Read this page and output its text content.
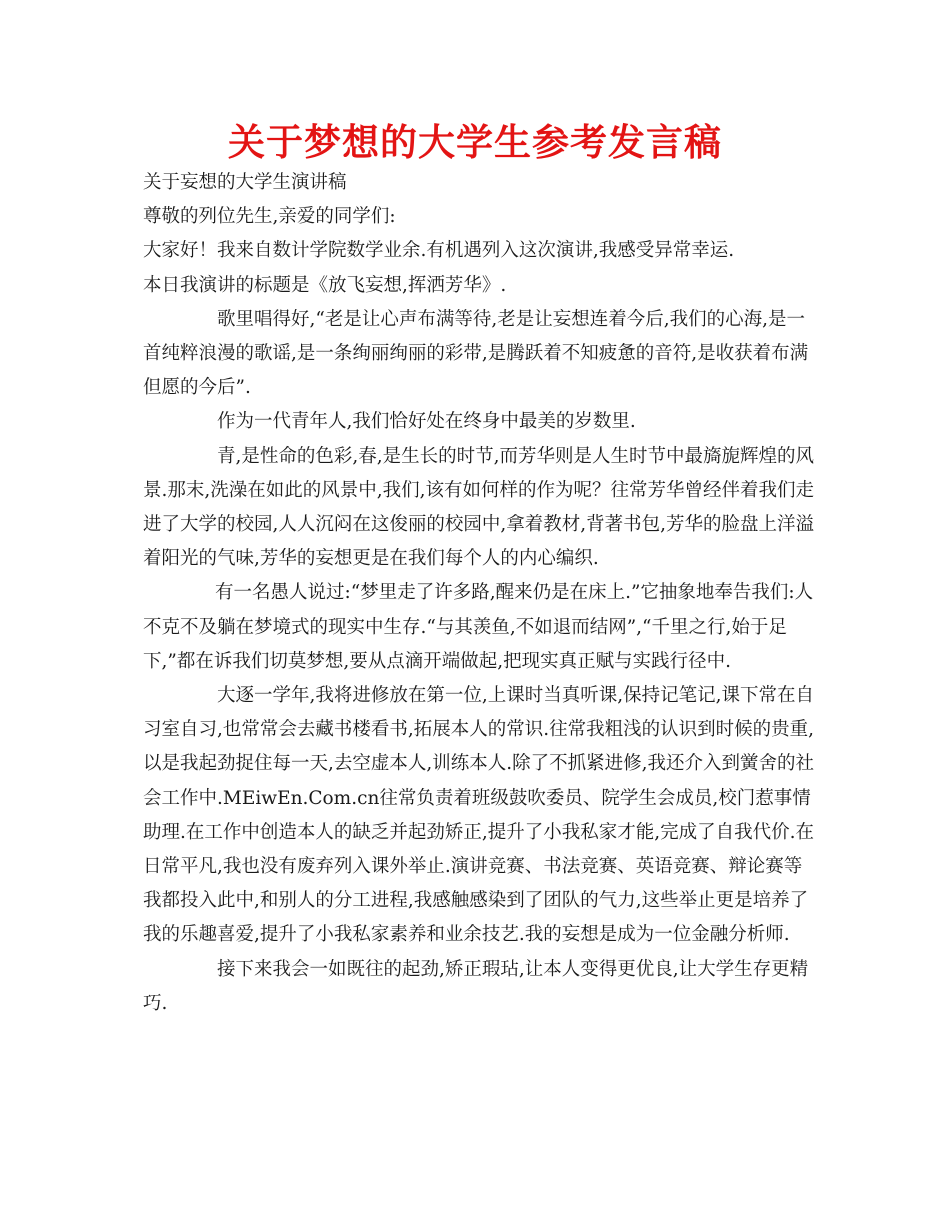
关于梦想的大学生参考发言稿

关于妄想的大学生演讲稿

尊敬的列位先生,亲爱的同学们:

大家好！我来自数计学院数学业余.有机遇列入这次演讲,我感受异常幸运.

本日我演讲的标题是《放飞妄想,挥洒芳华》.

歌里唱得好,“老是让心声布满等待,老是让妄想连着今后,我们的心海,是一首纯粹浪漫的歌谣,是一条绚丽绚丽的彩带,是腾跃着不知疲惫的音符,是收获着布满但愿的今后”.

作为一代青年人,我们恰好处在终身中最美的岁数里.

青,是性命的色彩,春,是生长的时节,而芳华则是人生时节中最旖旎辉煌的风景.那末,洗澡在如此的风景中,我们,该有如何样的作为呢？往常芳华曾经伴着我们走进了大学的校园,人人沉闷在这俊丽的校园中,拿着教材,背著书包,芳华的脸盘上洋溢着阳光的气味,芳华的妄想更是在我们每个人的内心编织.

有一名愚人说过:“梦里走了许多路,醒来仍是在床上.”它抽象地奉告我们:人不克不及躺在梦境式的现实中生存.“与其羡鱼,不如退而结网”,“千里之行,始于足下,”都在诉我们切莫梦想,要从点滴开端做起,把现实真正赋与实践行径中.

大逐一学年,我将进修放在第一位,上课时当真听课,保持记笔记,课下常在自习室自习,也常常会去藏书楼看书,拓展本人的常识.往常我粗浅的认识到时候的贵重,以是我起劲捉住每一天,去空虚本人,训练本人.除了不抓紧进修,我还介入到黉舍的社会工作中.MEiwEn.Com.cn往常负责着班级鼓吹委员、院学生会成员,校门惹事情助理.在工作中创造本人的缺乏并起劲矫正,提升了小我私家才能,完成了自我代价.在日常平凡,我也没有废弃列入课外举止.演讲竞赛、书法竞赛、英语竞赛、辩论赛等我都投入此中,和别人的分工进程,我感触感染到了团队的气力,这些举止更是培养了我的乐趣喜爱,提升了小我私家素养和业余技艺.我的妄想是成为一位金融分析师.

接下来我会一如既往的起劲,矫正瑕玷,让本人变得更优良,让大学生存更精巧.
